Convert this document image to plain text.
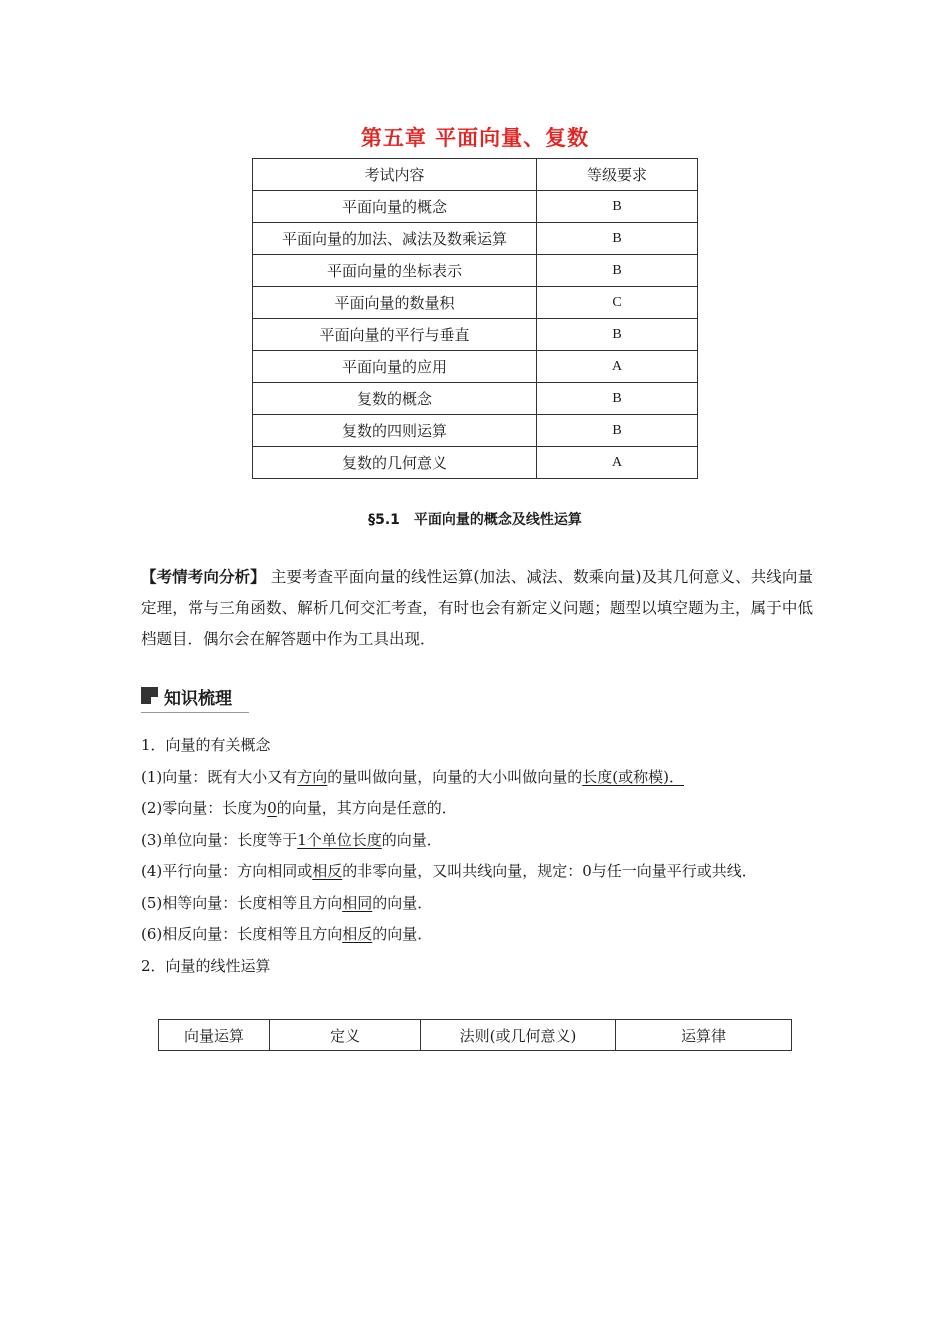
第五章 平面向量、复数
考试内容	等级要求
平面向量的概念	B
平面向量的加法、减法及数乘运算	B
平面向量的坐标表示	B
平面向量的数量积	C
平面向量的平行与垂直	B
平面向量的应用	A
复数的概念	B
复数的四则运算	B
复数的几何意义	A
§5.1　平面向量的概念及线性运算
【考情考向分析】 主要考查平面向量的线性运算(加法、减法、数乘向量)及其几何意义、共线向量定理，常与三角函数、解析几何交汇考查，有时也会有新定义问题；题型以填空题为主，属于中低档题目．偶尔会在解答题中作为工具出现．
知识梳理

1．向量的有关概念

(1)向量：既有大小又有方向的量叫做向量，向量的大小叫做向量的长度(或称模)．

(2)零向量：长度为0的向量，其方向是任意的．

(3)单位向量：长度等于1个单位长度的向量．

(4)平行向量：方向相同或相反的非零向量，又叫共线向量，规定：0与任一向量平行或共线．

(5)相等向量：长度相等且方向相同的向量．

(6)相反向量：长度相等且方向相反的向量．

2．向量的线性运算

向量运算	定义	法则(或几何意义)	运算律
